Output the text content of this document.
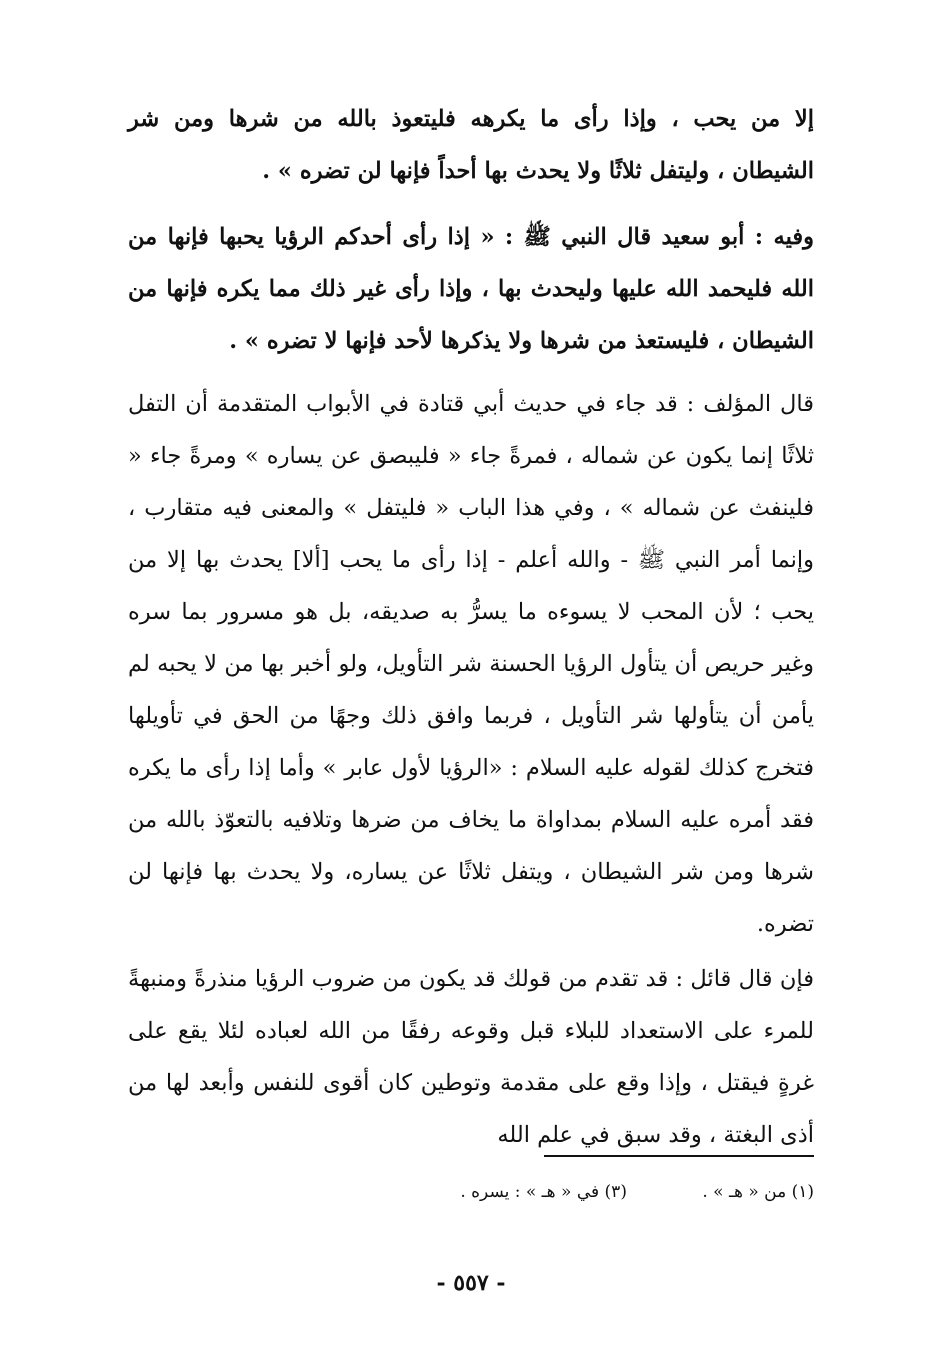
إلا من يحب ، وإذا رأى ما يكرهه فليتعوذ بالله من شرها ومن شر الشيطان ، وليتفل ثلاثًا ولا يحدث بها أحداً فإنها لن تضره » .

وفيه : أبو سعيد قال النبي ﷺ : « إذا رأى أحدكم الرؤيا يحبها فإنها من الله فليحمد الله عليها وليحدث بها ، وإذا رأى غير ذلك مما يكره فإنها من الشيطان ، فليستعذ من شرها ولا يذكرها لأحد فإنها لا تضره » .

قال المؤلف : قد جاء في حديث أبي قتادة في الأبواب المتقدمة أن التفل ثلاثًا إنما يكون عن شماله ، فمرةً جاء « فليبصق عن يساره » ومرةً جاء « فلينفث عن شماله » ، وفي هذا الباب « فليتفل » والمعنى فيه متقارب ، وإنما أمر النبي ﷺ - والله أعلم - إذا رأى ما يحب [ألا] يحدث بها إلا من يحب ؛ لأن المحب لا يسوءه ما يسرُّ به صديقه، بل هو مسرور بما سره وغير حريص أن يتأول الرؤيا الحسنة شر التأويل، ولو أخبر بها من لا يحبه لم يأمن أن يتأولها شر التأويل ، فربما وافق ذلك وجهًا من الحق في تأويلها فتخرج كذلك لقوله عليه السلام : «الرؤيا لأول عابر » وأما إذا رأى ما يكره فقد أمره عليه السلام بمداواة ما يخاف من ضرها وتلافيه بالتعوّذ بالله من شرها ومن شر الشيطان ، ويتفل ثلاثًا عن يساره، ولا يحدث بها فإنها لن تضره.

فإن قال قائل : قد تقدم من قولك قد يكون من ضروب الرؤيا منذرةً ومنبهةً للمرء على الاستعداد للبلاء قبل وقوعه رفقًا من الله لعباده لئلا يقع على غرةٍ فيقتل ، وإذا وقع على مقدمة وتوطين كان أقوى للنفس وأبعد لها من أذى البغتة ، وقد سبق في علم الله

(١) من « هـ » . (٣) في « هـ » : يسره .
- ٥٥٧ -
